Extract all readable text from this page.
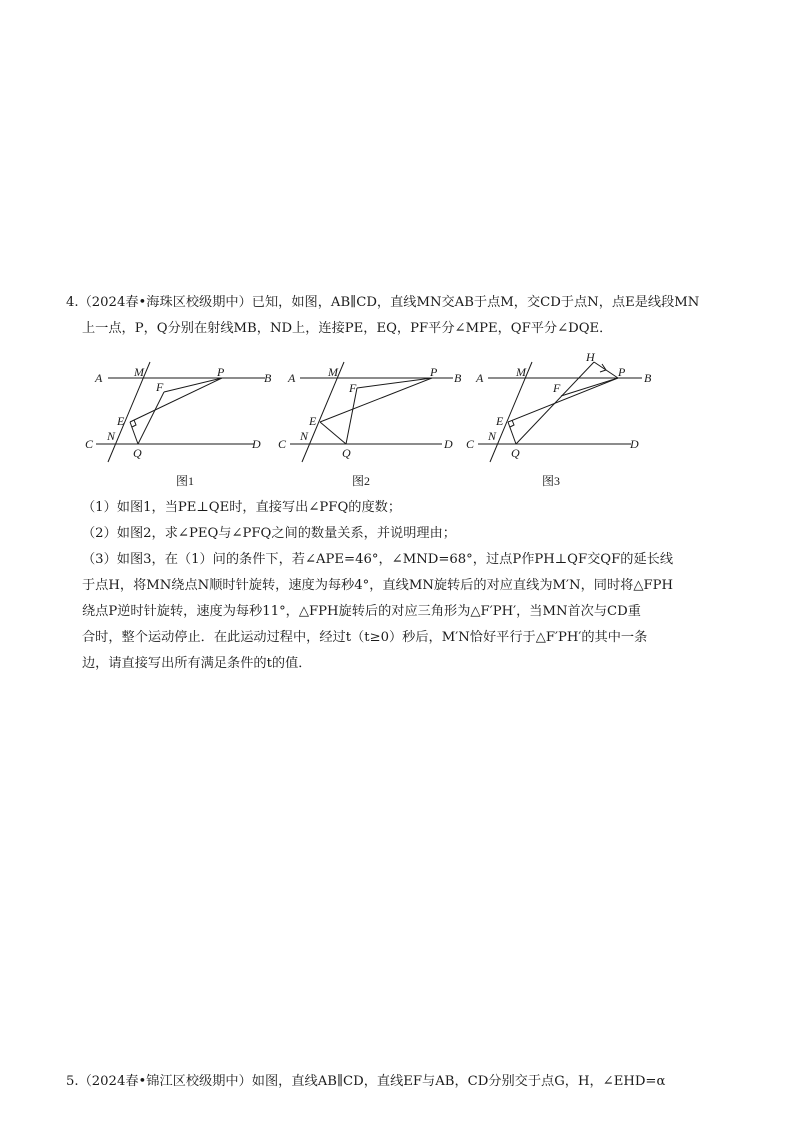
4.（2024春•海珠区校级期中）已知，如图，AB∥CD，直线MN交AB于点M，交CD于点N，点E是线段MN
上一点，P，Q分别在射线MB，ND上，连接PE，EQ，PF平分∠MPE，QF平分∠DQE．
A	M	P	B
F
E
C
N
Q
D
图1
A	M	P B
F
E
C
N
Q
D
图2
H
A	M	P B
F
E
C
N
Q
D
图3
（1）如图1，当PE⊥QE时，直接写出∠PFQ的度数；
（2）如图2，求∠PEQ与∠PFQ之间的数量关系，并说明理由；
（3）如图3，在（1）问的条件下，若∠APE=46°，∠MND=68°，过点P作PH⊥QF交QF的延长线
于点H，将MN绕点N顺时针旋转，速度为每秒4°，直线MN旋转后的对应直线为M′N，同时将△FPH
绕点P逆时针旋转，速度为每秒11°，△FPH旋转后的对应三角形为△F′PH′，当MN首次与CD重
合时，整个运动停止．在此运动过程中，经过t（t≥0）秒后，M′N恰好平行于△F′PH′的其中一条
边，请直接写出所有满足条件的t的值．
5.（2024春•锦江区校级期中）如图，直线AB∥CD，直线EF与AB，CD分别交于点G，H，∠EHD=α
